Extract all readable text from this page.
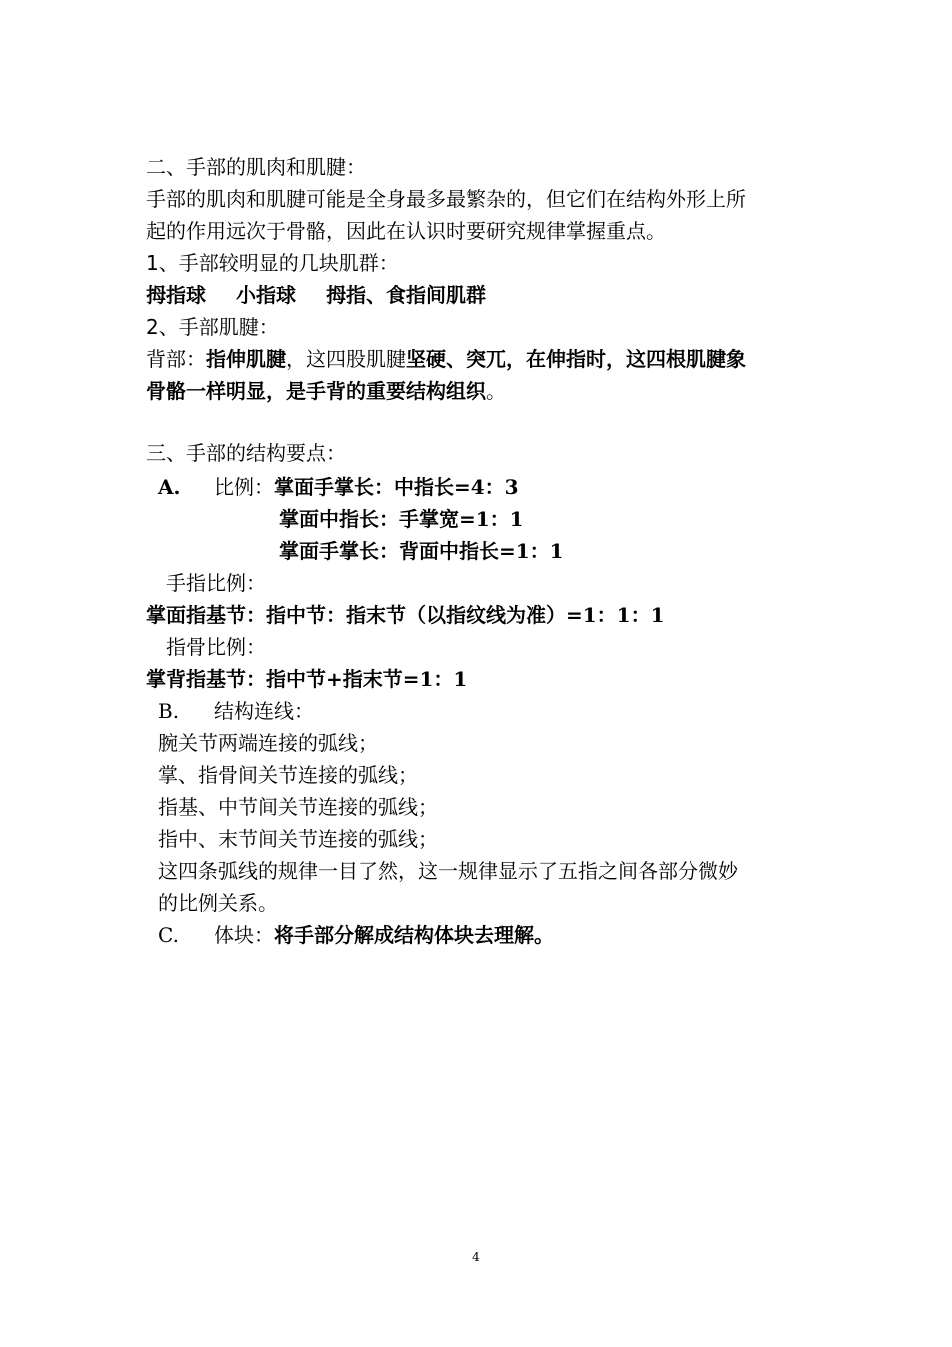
二、手部的肌肉和肌腱：
手部的肌肉和肌腱可能是全身最多最繁杂的，但它们在结构外形上所
起的作用远次于骨骼，因此在认识时要研究规律掌握重点。
1、手部较明显的几块肌群：
拇指球 小指球 拇指、食指间肌群
2、手部肌腱：
背部：指伸肌腱，这四股肌腱坚硬、突兀，在伸指时，这四根肌腱象
骨骼一样明显，是手背的重要结构组织。
三、手部的结构要点：
A. 比例：掌面手掌长：中指长=4：3
掌面中指长：手掌宽=1：1
掌面手掌长：背面中指长=1：1
手指比例：
掌面指基节：指中节：指末节（以指纹线为准）=1：1：1
指骨比例：
掌背指基节：指中节+指末节=1：1
B. 结构连线：
腕关节两端连接的弧线；
掌、指骨间关节连接的弧线；
指基、中节间关节连接的弧线；
指中、末节间关节连接的弧线；
这四条弧线的规律一目了然，这一规律显示了五指之间各部分微妙
的比例关系。
C. 体块：将手部分解成结构体块去理解。
4
